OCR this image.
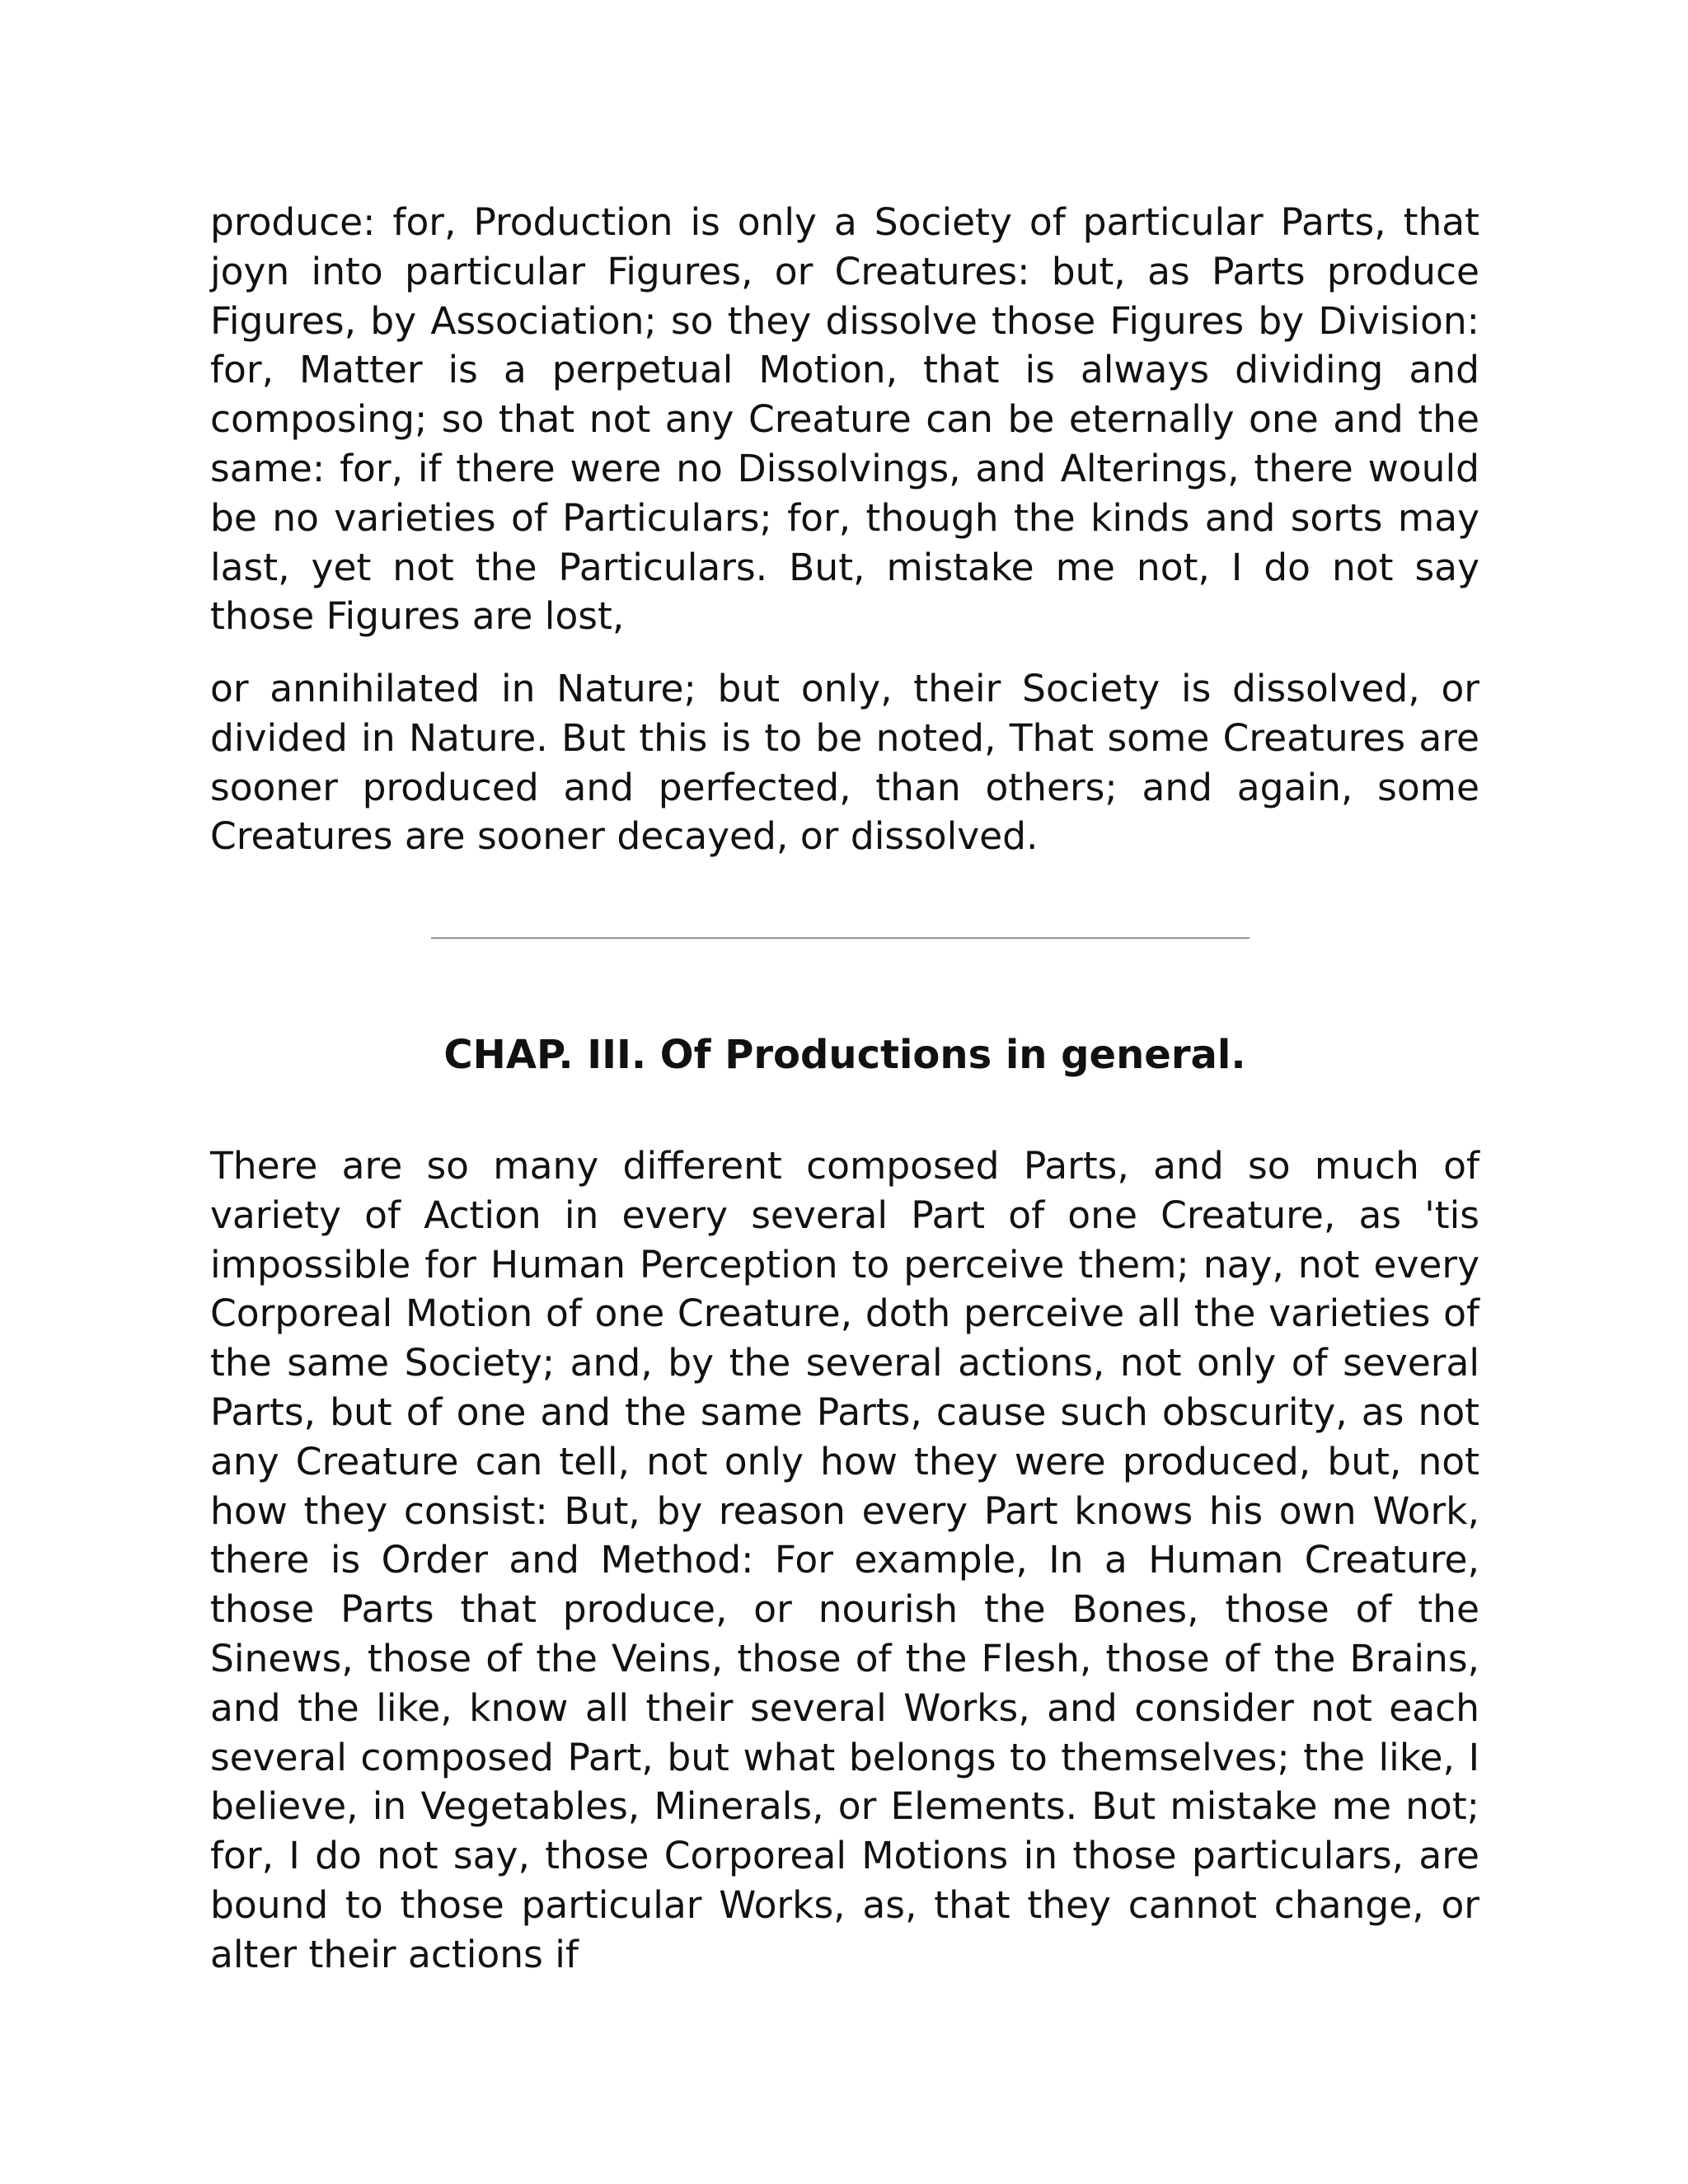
produce: for, Production is only a Society of particular Parts, that joyn into particular Figures, or Creatures: but, as Parts produce Figures, by Association; so they dissolve those Figures by Division: for, Matter is a perpetual Motion, that is always dividing and composing; so that not any Creature can be eternally one and the same: for, if there were no Dissolvings, and Alterings, there would be no varieties of Particulars; for, though the kinds and sorts may last, yet not the Particulars. But, mistake me not, I do not say those Figures are lost,

or annihilated in Nature; but only, their Society is dissolved, or divided in Nature. But this is to be noted, That some Creatures are sooner produced and perfected, than others; and again, some Creatures are sooner decayed, or dissolved.

CHAP. III. Of Productions in general.

There are so many different composed Parts, and so much of variety of Action in every several Part of one Creature, as 'tis impossible for Human Perception to perceive them; nay, not every Corporeal Motion of one Creature, doth perceive all the varieties of the same Society; and, by the several actions, not only of several Parts, but of one and the same Parts, cause such obscurity, as not any Creature can tell, not only how they were produced, but, not how they consist: But, by reason every Part knows his own Work, there is Order and Method: For example, In a Human Creature, those Parts that produce, or nourish the Bones, those of the Sinews, those of the Veins, those of the Flesh, those of the Brains, and the like, know all their several Works, and consider not each several composed Part, but what belongs to themselves; the like, I believe, in Vegetables, Minerals, or Elements. But mistake me not; for, I do not say, those Corporeal Motions in those particulars, are bound to those particular Works, as, that they cannot change, or alter their actions if
